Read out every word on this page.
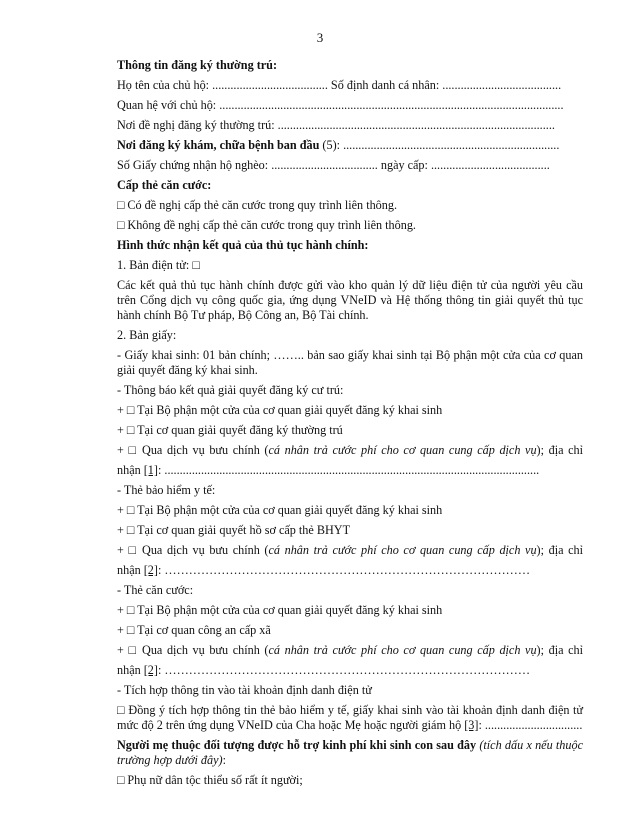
3
Thông tin đăng ký thường trú:
Họ tên của chủ hộ: ...................................... Số định danh cá nhân: .......................................
Quan hệ với chủ hộ: .................................................................................................................
Nơi đề nghị đăng ký thường trú: ...........................................................................................
Nơi đăng ký khám, chữa bệnh ban đầu (5): .......................................................................
Số Giấy chứng nhận hộ nghèo: ................................... ngày cấp: .......................................
Cấp thẻ căn cước:
□ Có đề nghị cấp thẻ căn cước trong quy trình liên thông.
□ Không đề nghị cấp thẻ căn cước trong quy trình liên thông.
Hình thức nhận kết quả của thủ tục hành chính:
1. Bản điện tử: □
Các kết quả thủ tục hành chính được gửi vào kho quản lý dữ liệu điện tử của người yêu cầu trên Cổng dịch vụ công quốc gia, ứng dụng VNeID và Hệ thống thông tin giải quyết thủ tục hành chính Bộ Tư pháp, Bộ Công an, Bộ Tài chính.
2. Bản giấy:
- Giấy khai sinh: 01 bản chính; …….. bản sao giấy khai sinh tại Bộ phận một cửa của cơ quan giải quyết đăng ký khai sinh.
- Thông báo kết quả giải quyết đăng ký cư trú:
+ □ Tại Bộ phận một cửa của cơ quan giải quyết đăng ký khai sinh
+ □ Tại cơ quan giải quyết đăng ký thường trú
+ □ Qua dịch vụ bưu chính (cá nhân trả cước phí cho cơ quan cung cấp dịch vụ); địa chỉ
nhận [1]: ...........................................................................................................................
- Thẻ bảo hiểm y tế:
+ □ Tại Bộ phận một cửa của cơ quan giải quyết đăng ký khai sinh
+ □ Tại cơ quan giải quyết hồ sơ cấp thẻ BHYT
+ □ Qua dịch vụ bưu chính (cá nhân trả cước phí cho cơ quan cung cấp dịch vụ); địa chỉ
nhận [2]: ………………………………………………………………………………
- Thẻ căn cước:
+ □ Tại Bộ phận một cửa của cơ quan giải quyết đăng ký khai sinh
+ □ Tại cơ quan công an cấp xã
+ □ Qua dịch vụ bưu chính (cá nhân trả cước phí cho cơ quan cung cấp dịch vụ); địa chỉ
nhận [2]: ………………………………………………………………………………
- Tích hợp thông tin vào tài khoản định danh điện tử
□ Đồng ý tích hợp thông tin thẻ bảo hiểm y tế, giấy khai sinh vào tài khoản định danh điện tử mức độ 2 trên ứng dụng VNeID của Cha hoặc Mẹ hoặc người giám hộ [3]: ................................
Người mẹ thuộc đối tượng được hỗ trợ kinh phí khi sinh con sau đây (tích dấu x nếu thuộc trường hợp dưới đây):
□ Phụ nữ dân tộc thiểu số rất ít người;
